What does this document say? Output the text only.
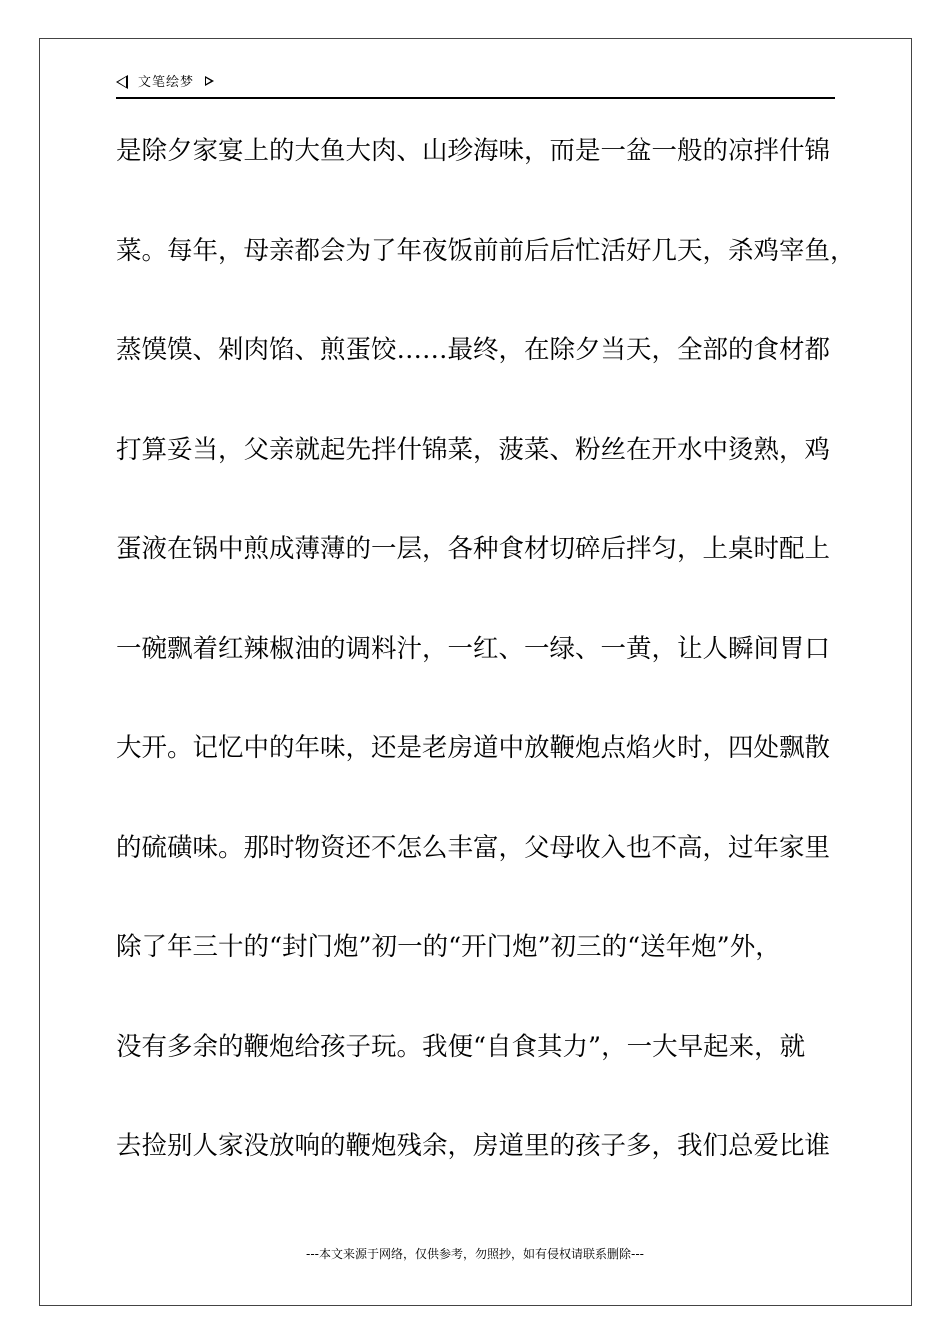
文笔绘梦
是除夕家宴上的大鱼大肉、山珍海味，而是一盆一般的凉拌什锦
菜。每年，母亲都会为了年夜饭前前后后忙活好几天，杀鸡宰鱼，
蒸馍馍、剁肉馅、煎蛋饺……最终，在除夕当天，全部的食材都
打算妥当，父亲就起先拌什锦菜，菠菜、粉丝在开水中烫熟，鸡
蛋液在锅中煎成薄薄的一层，各种食材切碎后拌匀，上桌时配上
一碗飘着红辣椒油的调料汁，一红、一绿、一黄，让人瞬间胃口
大开。记忆中的年味，还是老房道中放鞭炮点焰火时，四处飘散
的硫磺味。那时物资还不怎么丰富，父母收入也不高，过年家里
除了年三十的“封门炮”初一的“开门炮”初三的“送年炮”外，
没有多余的鞭炮给孩子玩。我便“自食其力”，一大早起来，就
去捡别人家没放响的鞭炮残余，房道里的孩子多，我们总爱比谁
---本文来源于网络，仅供参考，勿照抄，如有侵权请联系删除---
